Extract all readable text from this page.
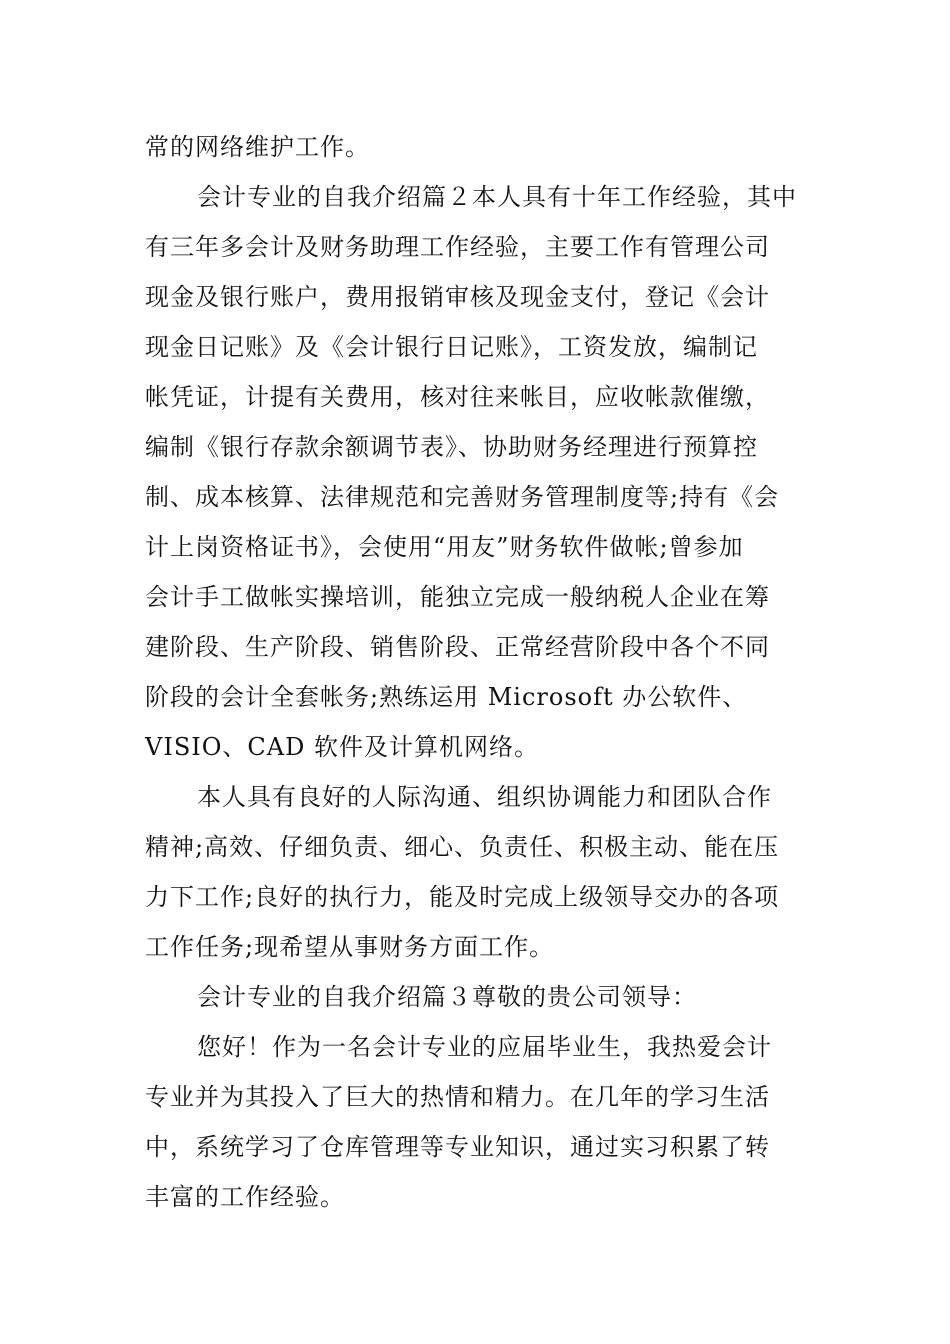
常的网络维护工作。
会计专业的自我介绍篇２本人具有十年工作经验，其中
有三年多会计及财务助理工作经验，主要工作有管理公司
现金及银行账户，费用报销审核及现金支付，登记《会计
现金日记账》及《会计银行日记账》，工资发放，编制记
帐凭证，计提有关费用，核对往来帐目，应收帐款催缴，
编制《银行存款余额调节表》、协助财务经理进行预算控
制、成本核算、法律规范和完善财务管理制度等;持有《会
计上岗资格证书》，会使用“用友”财务软件做帐;曾参加
会计手工做帐实操培训，能独立完成一般纳税人企业在筹
建阶段、生产阶段、销售阶段、正常经营阶段中各个不同
阶段的会计全套帐务;熟练运用 Microsoft 办公软件、
VISIO、CAD 软件及计算机网络。
本人具有良好的人际沟通、组织协调能力和团队合作
精神;高效、仔细负责、细心、负责任、积极主动、能在压
力下工作;良好的执行力，能及时完成上级领导交办的各项
工作任务;现希望从事财务方面工作。
会计专业的自我介绍篇３尊敬的贵公司领导：
您好！作为一名会计专业的应届毕业生，我热爱会计
专业并为其投入了巨大的热情和精力。在几年的学习生活
中，系统学习了仓库管理等专业知识，通过实习积累了转
丰富的工作经验。
